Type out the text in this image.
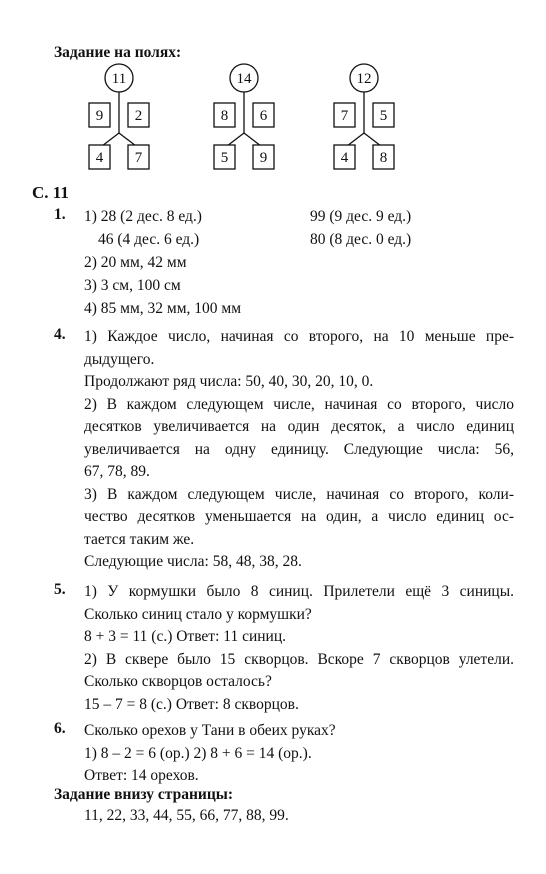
Задание на полях:
11
9 2
4 7
14
8 6
5 9
12
7 5
4 8
С. 11
1. 1) 28 (2 дес. 8 ед.)	99 (9 дес. 9 ед.)
46 (4 дес. 6 ед.)	80 (8 дес. 0 ед.)
2) 20 мм, 42 мм
3) 3 см, 100 см
4) 85 мм, 32 мм, 100 мм
4. 1) Каждое число, начиная со второго, на 10 меньше пре-
дыдущего.
Продолжают ряд числа: 50, 40, 30, 20, 10, 0.
2) В каждом следующем числе, начиная со второго, число
десятков увеличивается на один десяток, а число единиц
увеличивается на одну единицу. Следующие числа: 56,
67, 78, 89.
3) В каждом следующем числе, начиная со второго, коли-
чество десятков уменьшается на один, а число единиц ос-
тается таким же.
Следующие числа: 58, 48, 38, 28.
5. 1) У кормушки было 8 синиц. Прилетели ещё 3 синицы.
Сколько синиц стало у кормушки?
8 + 3 = 11 (с.) Ответ: 11 синиц.
2) В сквере было 15 скворцов. Вскоре 7 скворцов улетели.
Сколько скворцов осталось?
15 – 7 = 8 (с.) Ответ: 8 скворцов.
6. Сколько орехов у Тани в обеих руках?
1) 8 – 2 = 6 (ор.) 2) 8 + 6 = 14 (ор.).
Ответ: 14 орехов.
Задание внизу страницы:
11, 22, 33, 44, 55, 66, 77, 88, 99.
